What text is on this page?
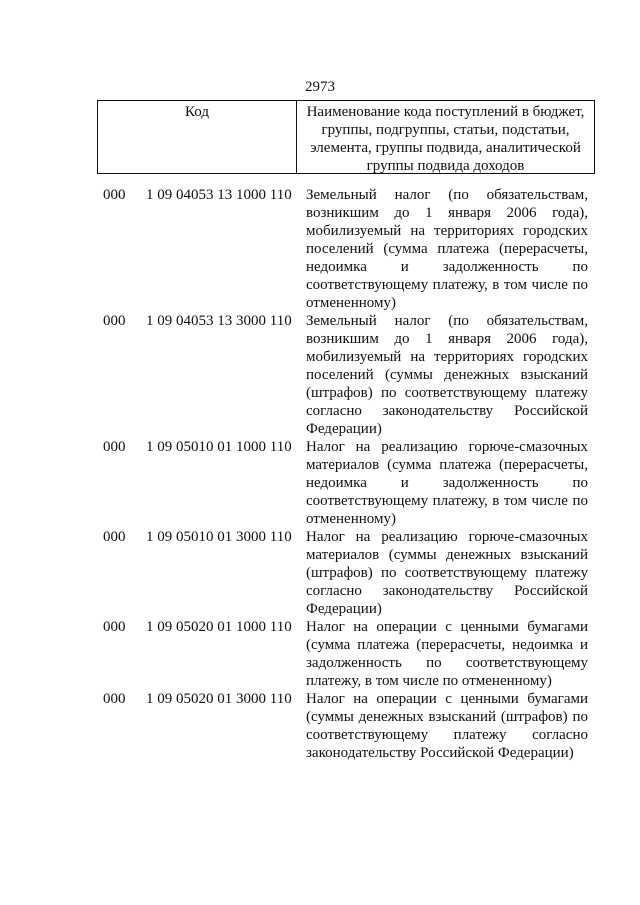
2973
Код	Наименование кода поступлений в бюджет, группы, подгруппы, статьи, подстатьи, элемента, группы подвида, аналитической группы подвида доходов
000 1 09 04053 13 1000 110 Земельный налог (по обязательствам, возникшим до 1 января 2006 года), мобилизуемый на территориях городских поселений (сумма платежа (перерасчеты, недоимка и задолженность по соответствующему платежу, в том числе по отмененному)
000 1 09 04053 13 3000 110 Земельный налог (по обязательствам, возникшим до 1 января 2006 года), мобилизуемый на территориях городских поселений (суммы денежных взысканий (штрафов) по соответствующему платежу согласно законодательству Российской Федерации)
000 1 09 05010 01 1000 110 Налог на реализацию горюче-смазочных материалов (сумма платежа (перерасчеты, недоимка и задолженность по соответствующему платежу, в том числе по отмененному)
000 1 09 05010 01 3000 110 Налог на реализацию горюче-смазочных материалов (суммы денежных взысканий (штрафов) по соответствующему платежу согласно законодательству Российской Федерации)
000 1 09 05020 01 1000 110 Налог на операции с ценными бумагами (сумма платежа (перерасчеты, недоимка и задолженность по соответствующему платежу, в том числе по отмененному)
000 1 09 05020 01 3000 110 Налог на операции с ценными бумагами (суммы денежных взысканий (штрафов) по соответствующему платежу согласно законодательству Российской Федерации)
